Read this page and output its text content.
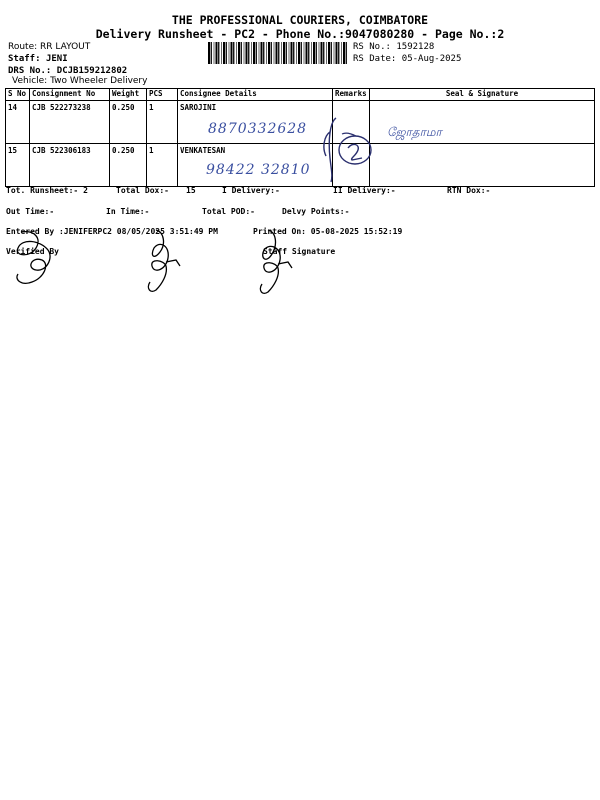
THE PROFESSIONAL COURIERS, COIMBATORE
Delivery Runsheet - PC2 - Phone No.:9047080280 - Page No.:2
Route: RR LAYOUT
Staff: JENI
DRS No.: DCJB159212802
Vehicle: Two Wheeler Delivery
RS No.: 1592128
RS Date: 05-Aug-2025
S No	Consignment No	Weight	PCS	Consignee Details	Remarks	Seal & Signature
14	CJB 522273238	0.250	1	SAROJINI		
15	CJB 522306183	0.250	1	VENKATESAN		
8870332628
98422 32810
ஜோதாமா
Tot. Runsheet:- 2	Total Dox:- 15	I Delivery:-	II Delivery:-	RTN Dox:-
Out Time:-	In Time:-	Total POD:-	Delvy Points:-
Entered By :JENIFERPC2 08/05/2025 3:51:49 PM	Printed On: 05-08-2025 15:52:19
Verified By	Staff Signature
